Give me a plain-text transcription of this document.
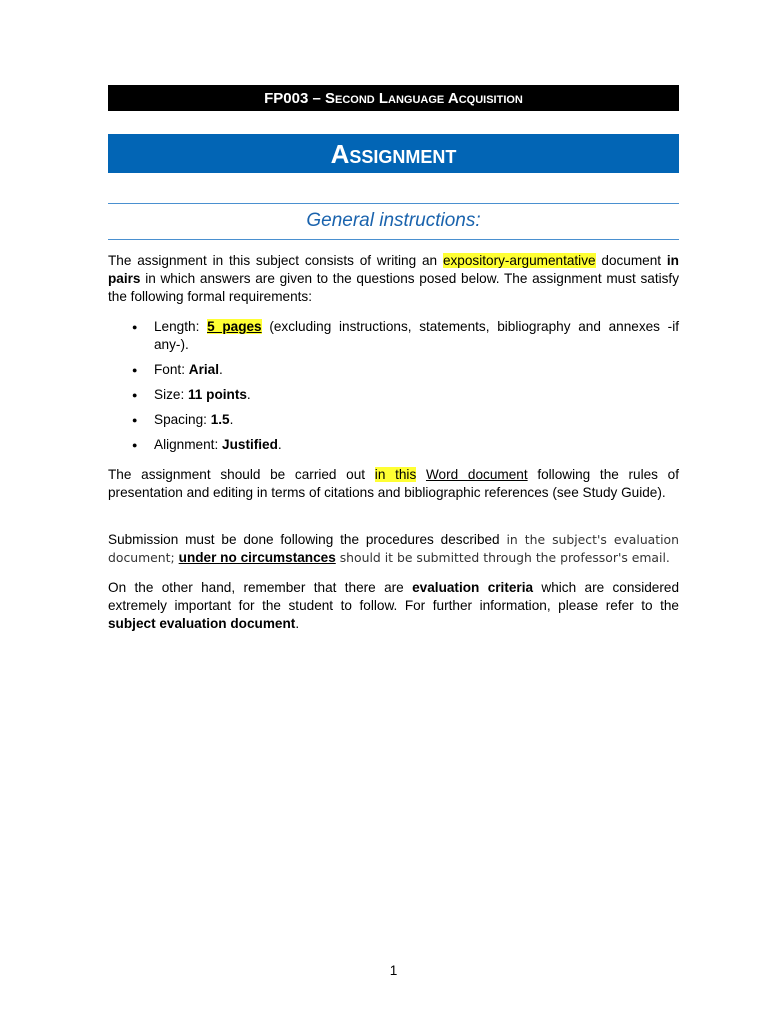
FP003 – Second Language Acquisition
Assignment
General instructions:
The assignment in this subject consists of writing an expository-argumentative document in pairs in which answers are given to the questions posed below. The assignment must satisfy the following formal requirements:
● Length: 5 pages (excluding instructions, statements, bibliography and annexes -if any-).
● Font: Arial.
● Size: 11 points.
● Spacing: 1.5.
● Alignment: Justified.
The assignment should be carried out in this Word document following the rules of presentation and editing in terms of citations and bibliographic references (see Study Guide).
Submission must be done following the procedures described in the subject's evaluation document; under no circumstances should it be submitted through the professor's email.
On the other hand, remember that there are evaluation criteria which are considered extremely important for the student to follow. For further information, please refer to the subject evaluation document.
1
